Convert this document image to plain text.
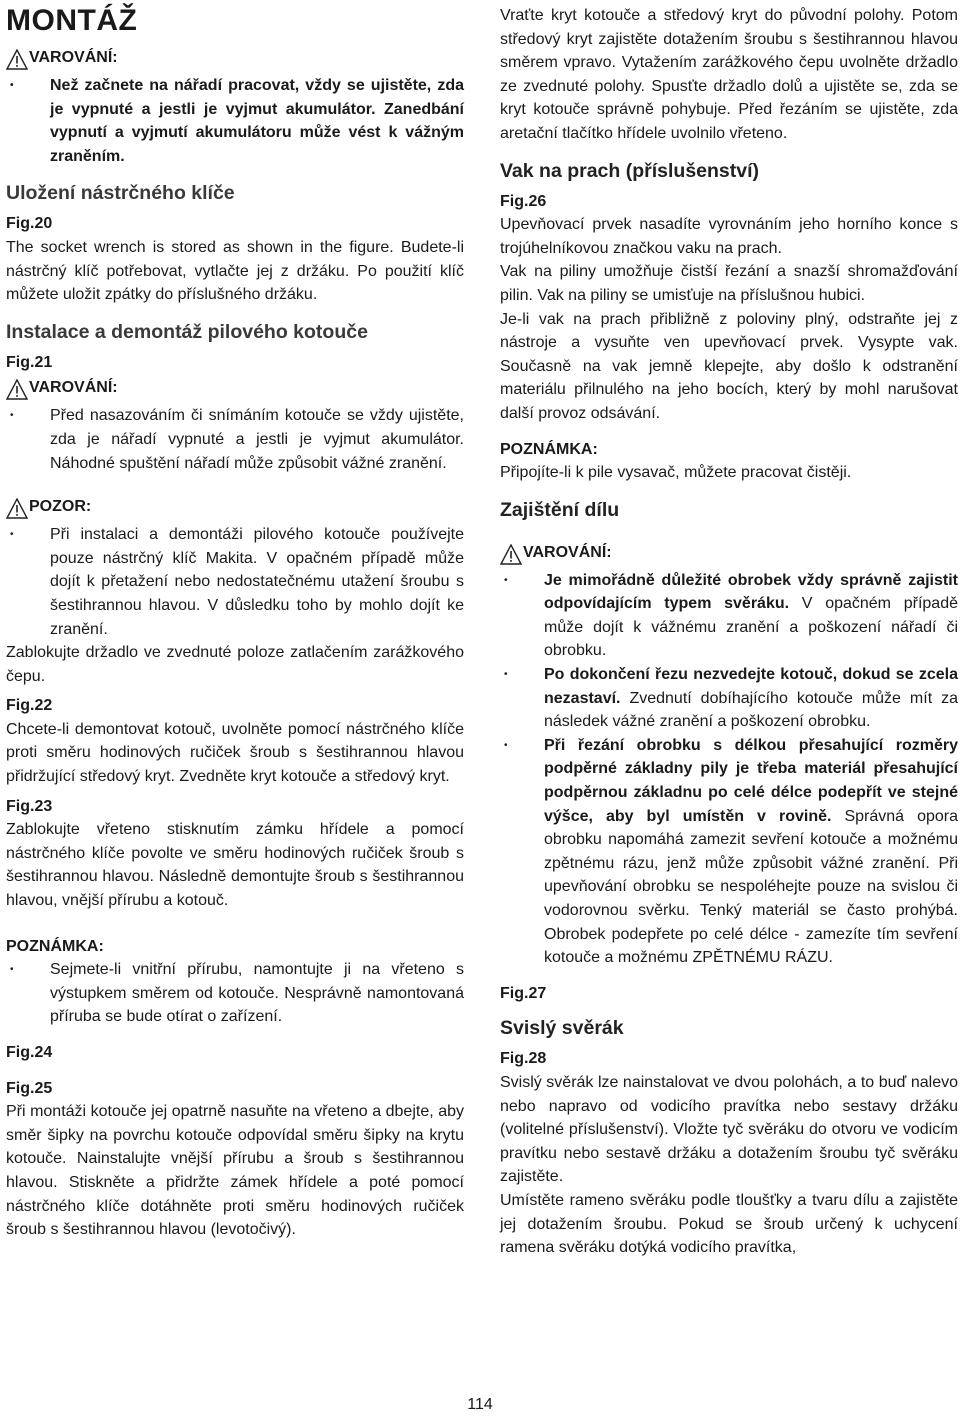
MONTÁŽ
VAROVÁNÍ:
• Než začnete na nářadí pracovat, vždy se ujistěte, zda je vypnuté a jestli je vyjmut akumulátor. Zanedbání vypnutí a vyjmutí akumulátoru může vést k vážným zraněním.
Uložení nástrčného klíče
Fig.20

The socket wrench is stored as shown in the figure. Budete-li nástrčný klíč potřebovat, vytlačte jej z držáku. Po použití klíč můžete uložit zpátky do příslušného držáku.

Instalace a demontáž pilového kotouče
Fig.21
VAROVÁNÍ:
• Před nasazováním či snímáním kotouče se vždy ujistěte, zda je nářadí vypnuté a jestli je vyjmut akumulátor. Náhodné spuštění nářadí může způsobit vážné zranění.
POZOR:
• Při instalaci a demontáži pilového kotouče používejte pouze nástrčný klíč Makita. V opačném případě může dojít k přetažení nebo nedostatečnému utažení šroubu s šestihrannou hlavou. V důsledku toho by mohlo dojít ke zranění.

Zablokujte držadlo ve zvednuté poloze zatlačením zarážkového čepu.

Fig.22

Chcete-li demontovat kotouč, uvolněte pomocí nástrčného klíče proti směru hodinových ručiček šroub s šestihrannou hlavou přidržující středový kryt. Zvedněte kryt kotouče a středový kryt.

Fig.23

Zablokujte vřeteno stisknutím zámku hřídele a pomocí nástrčného klíče povolte ve směru hodinových ručiček šroub s šestihrannou hlavou. Následně demontujte šroub s šestihrannou hlavou, vnější přírubu a kotouč.

POZNÁMKA:
• Sejmete-li vnitřní přírubu, namontujte ji na vřeteno s výstupkem směrem od kotouče. Nesprávně namontovaná příruba se bude otírat o zařízení.
Fig.24
Fig.25

Při montáži kotouče jej opatrně nasuňte na vřeteno a dbejte, aby směr šipky na povrchu kotouče odpovídal směru šipky na krytu kotouče. Nainstalujte vnější přírubu a šroub s šestihrannou hlavou. Stiskněte a přidržte zámek hřídele a poté pomocí nástrčného klíče dotáhněte proti směru hodinových ručiček šroub s šestihrannou hlavou (levotočivý).

Vraťte kryt kotouče a středový kryt do původní polohy. Potom středový kryt zajistěte dotažením šroubu s šestihrannou hlavou směrem vpravo. Vytažením zarážkového čepu uvolněte držadlo ze zvednuté polohy. Spusťte držadlo dolů a ujistěte se, zda se kryt kotouče správně pohybuje. Před řezáním se ujistěte, zda aretační tlačítko hřídele uvolnilo vřeteno.

Vak na prach (příslušenství)
Fig.26

Upevňovací prvek nasadíte vyrovnáním jeho horního konce s trojúhelníkovou značkou vaku na prach.

Vak na piliny umožňuje čistší řezání a snazší shromažďování pilin. Vak na piliny se umisťuje na příslušnou hubici.

Je-li vak na prach přibližně z poloviny plný, odstraňte jej z nástroje a vysuňte ven upevňovací prvek. Vysypte vak. Současně na vak jemně klepejte, aby došlo k odstranění materiálu přilnulého na jeho bocích, který by mohl narušovat další provoz odsávání.

POZNÁMKA:

Připojíte-li k pile vysavač, můžete pracovat čistěji.

Zajištění dílu
VAROVÁNÍ:
• Je mimořádně důležité obrobek vždy správně zajistit odpovídajícím typem svěráku. V opačném případě může dojít k vážnému zranění a poškození nářadí či obrobku.
• Po dokončení řezu nezvedejte kotouč, dokud se zcela nezastaví. Zvednutí dobíhajícího kotouče může mít za následek vážné zranění a poškození obrobku.
• Při řezání obrobku s délkou přesahující rozměry podpěrné základny pily je třeba materiál přesahující podpěrnou základnu po celé délce podepřít ve stejné výšce, aby byl umístěn v rovině. Správná opora obrobku napomáhá zamezit sevření kotouče a možnému zpětnému rázu, jenž může způsobit vážné zranění. Při upevňování obrobku se nespoléhejte pouze na svislou či vodorovnou svěrku. Tenký materiál se často prohýbá. Obrobek podepřete po celé délce - zamezíte tím sevření kotouče a možnému ZPĚTNÉMU RÁZU.
Fig.27
Svislý svěrák
Fig.28

Svislý svěrák lze nainstalovat ve dvou polohách, a to buď nalevo nebo napravo od vodicího pravítka nebo sestavy držáku (volitelné příslušenství). Vložte tyč svěráku do otvoru ve vodicím pravítku nebo sestavě držáku a dotažením šroubu tyč svěráku zajistěte.

Umístěte rameno svěráku podle tloušťky a tvaru dílu a zajistěte jej dotažením šroubu. Pokud se šroub určený k uchycení ramena svěráku dotýká vodicího pravítka,

114
